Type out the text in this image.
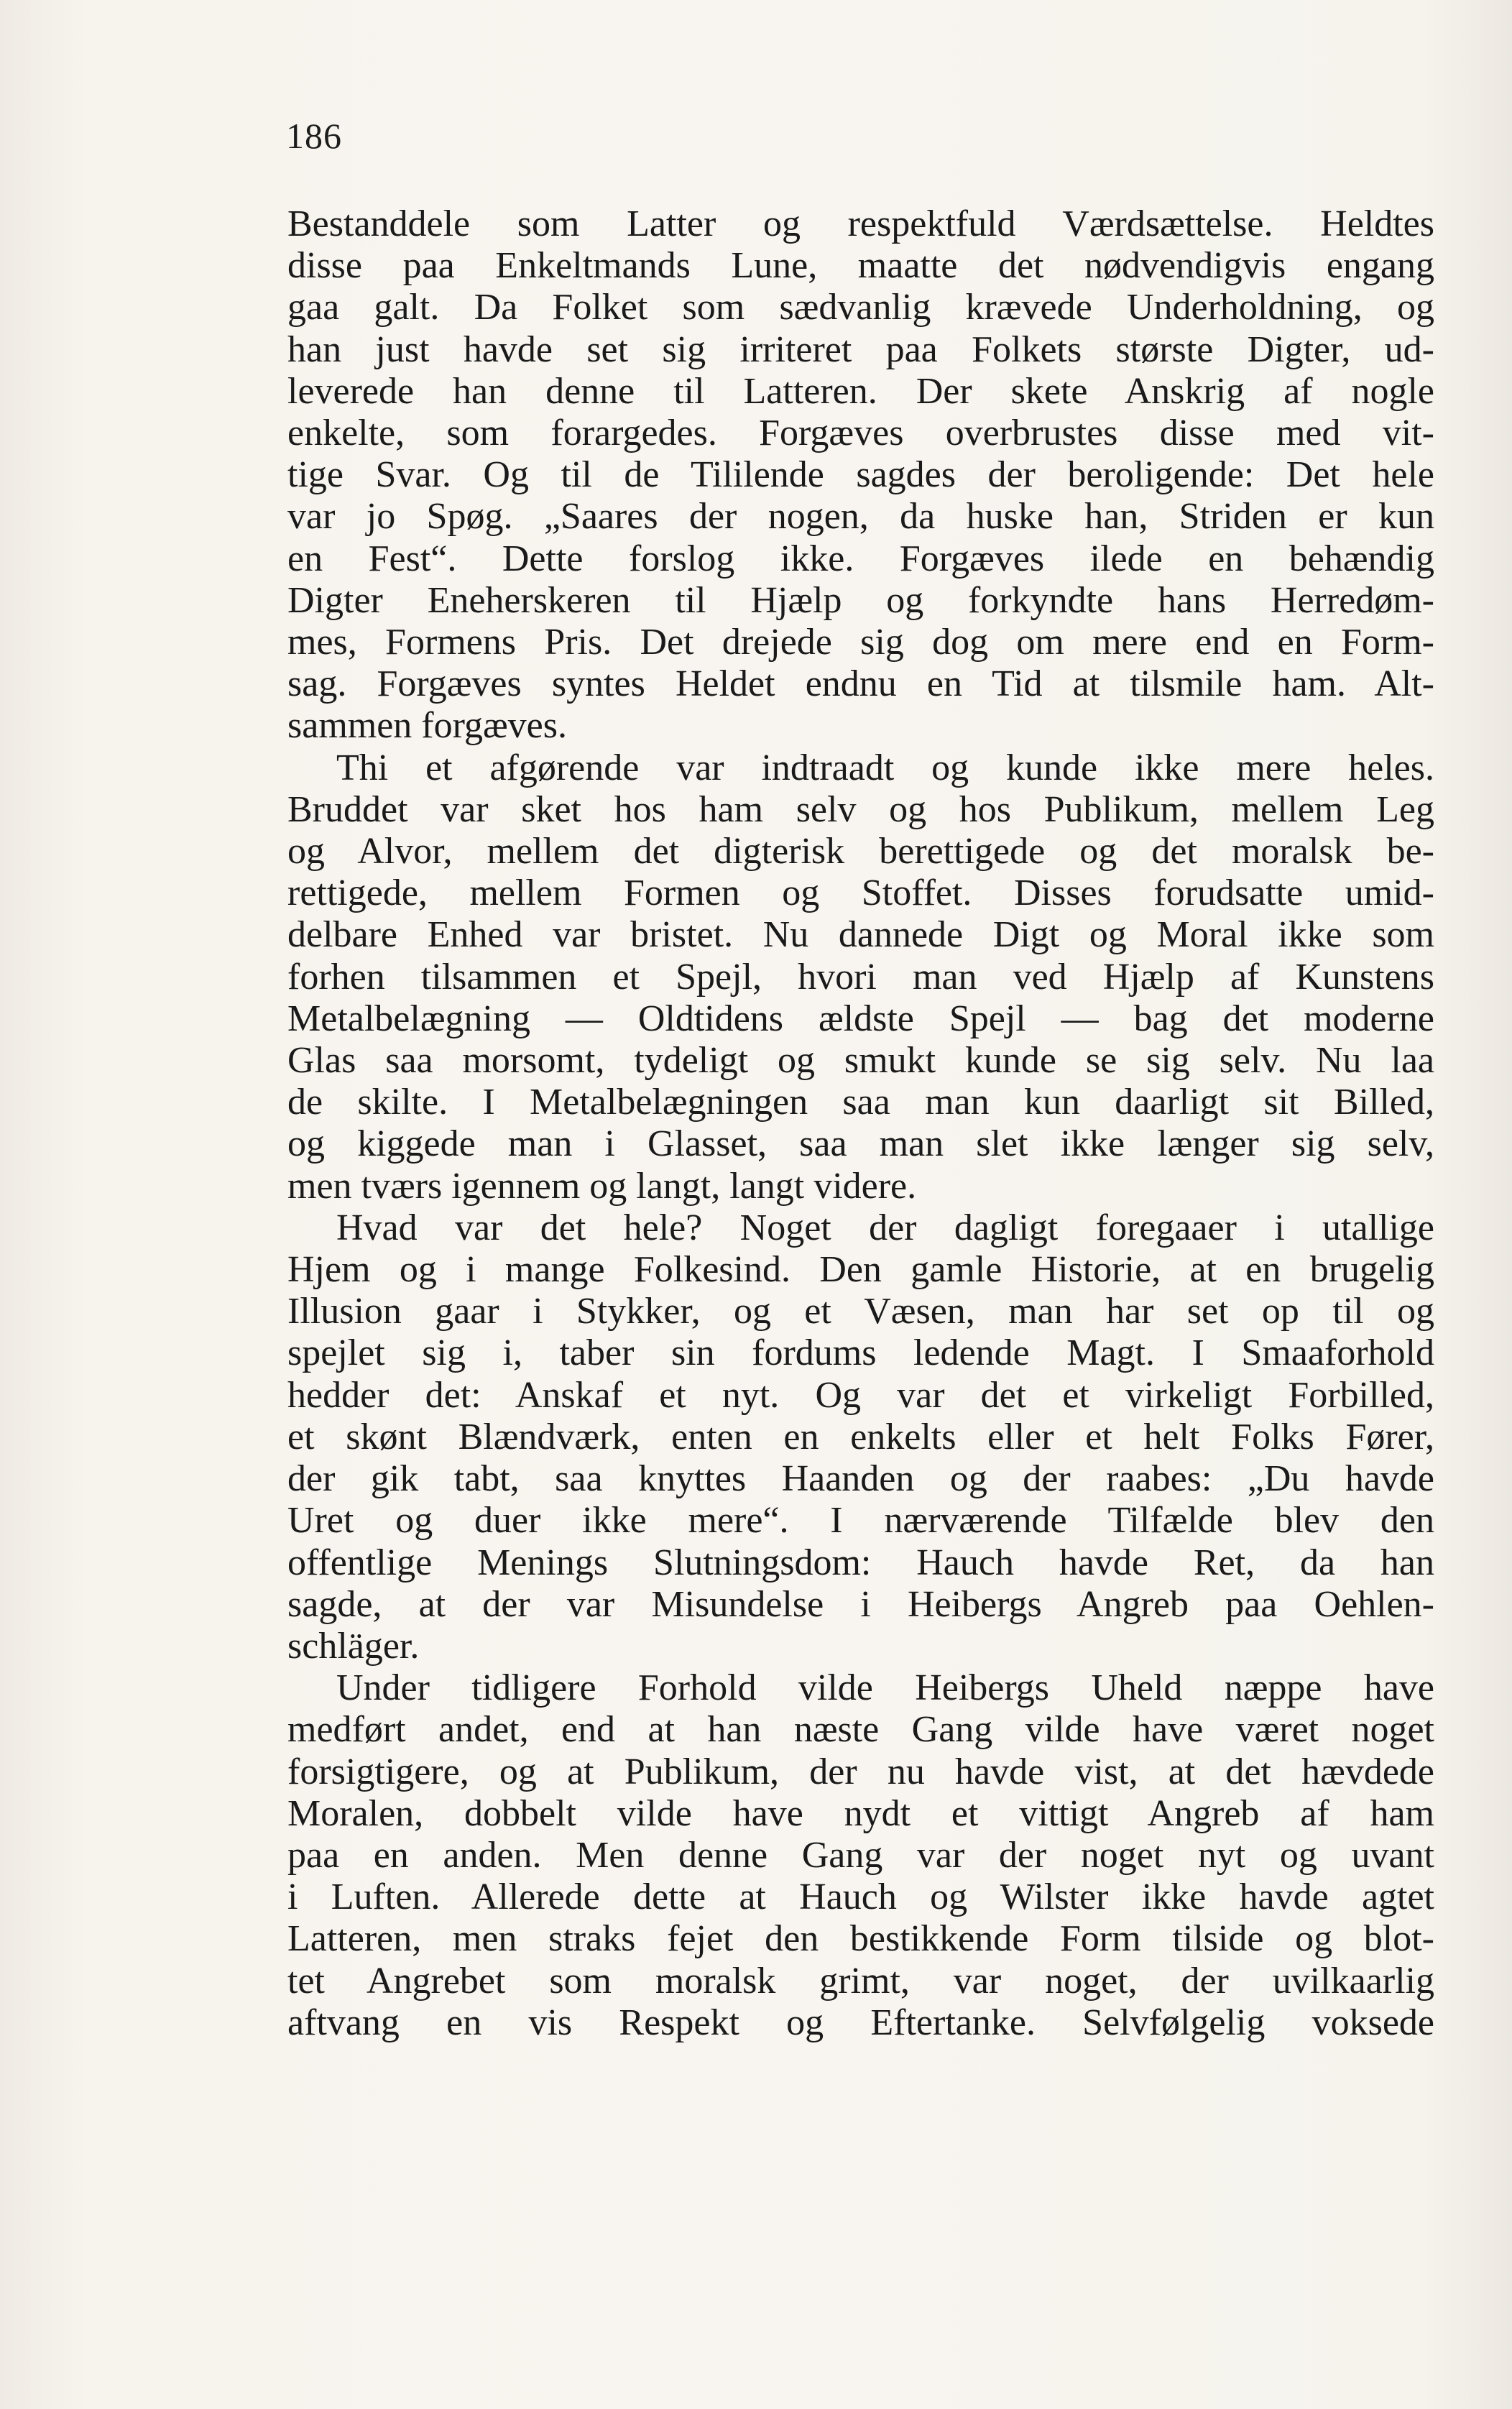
186
Bestanddele som Latter og respektfuld Værdsættelse. Heldtes
disse paa Enkeltmands Lune, maatte det nødvendigvis engang
gaa galt. Da Folket som sædvanlig krævede Underholdning, og
han just havde set sig irriteret paa Folkets største Digter, ud-
leverede han denne til Latteren. Der skete Anskrig af nogle
enkelte, som forargedes. Forgæves overbrustes disse med vit-
tige Svar. Og til de Tililende sagdes der beroligende: Det hele
var jo Spøg. „Saares der nogen, da huske han, Striden er kun
en Fest“. Dette forslog ikke. Forgæves ilede en behændig
Digter Eneherskeren til Hjælp og forkyndte hans Herredøm-
mes, Formens Pris. Det drejede sig dog om mere end en Form-
sag. Forgæves syntes Heldet endnu en Tid at tilsmile ham. Alt-
sammen forgæves.
Thi et afgørende var indtraadt og kunde ikke mere heles.
Bruddet var sket hos ham selv og hos Publikum, mellem Leg
og Alvor, mellem det digterisk berettigede og det moralsk be-
rettigede, mellem Formen og Stoffet. Disses forudsatte umid-
delbare Enhed var bristet. Nu dannede Digt og Moral ikke som
forhen tilsammen et Spejl, hvori man ved Hjælp af Kunstens
Metalbelægning — Oldtidens ældste Spejl — bag det moderne
Glas saa morsomt, tydeligt og smukt kunde se sig selv. Nu laa
de skilte. I Metalbelægningen saa man kun daarligt sit Billed,
og kiggede man i Glasset, saa man slet ikke længer sig selv,
men tværs igennem og langt, langt videre.
Hvad var det hele? Noget der dagligt foregaaer i utallige
Hjem og i mange Folkesind. Den gamle Historie, at en brugelig
Illusion gaar i Stykker, og et Væsen, man har set op til og
spejlet sig i, taber sin fordums ledende Magt. I Smaaforhold
hedder det: Anskaf et nyt. Og var det et virkeligt Forbilled,
et skønt Blændværk, enten en enkelts eller et helt Folks Fører,
der gik tabt, saa knyttes Haanden og der raabes: „Du havde
Uret og duer ikke mere“. I nærværende Tilfælde blev den
offentlige Menings Slutningsdom: Hauch havde Ret, da han
sagde, at der var Misundelse i Heibergs Angreb paa Oehlen-
schläger.
Under tidligere Forhold vilde Heibergs Uheld næppe have
medført andet, end at han næste Gang vilde have været noget
forsigtigere, og at Publikum, der nu havde vist, at det hævdede
Moralen, dobbelt vilde have nydt et vittigt Angreb af ham
paa en anden. Men denne Gang var der noget nyt og uvant
i Luften. Allerede dette at Hauch og Wilster ikke havde agtet
Latteren, men straks fejet den bestikkende Form tilside og blot-
tet Angrebet som moralsk grimt, var noget, der uvilkaarlig
aftvang en vis Respekt og Eftertanke. Selvfølgelig voksede
